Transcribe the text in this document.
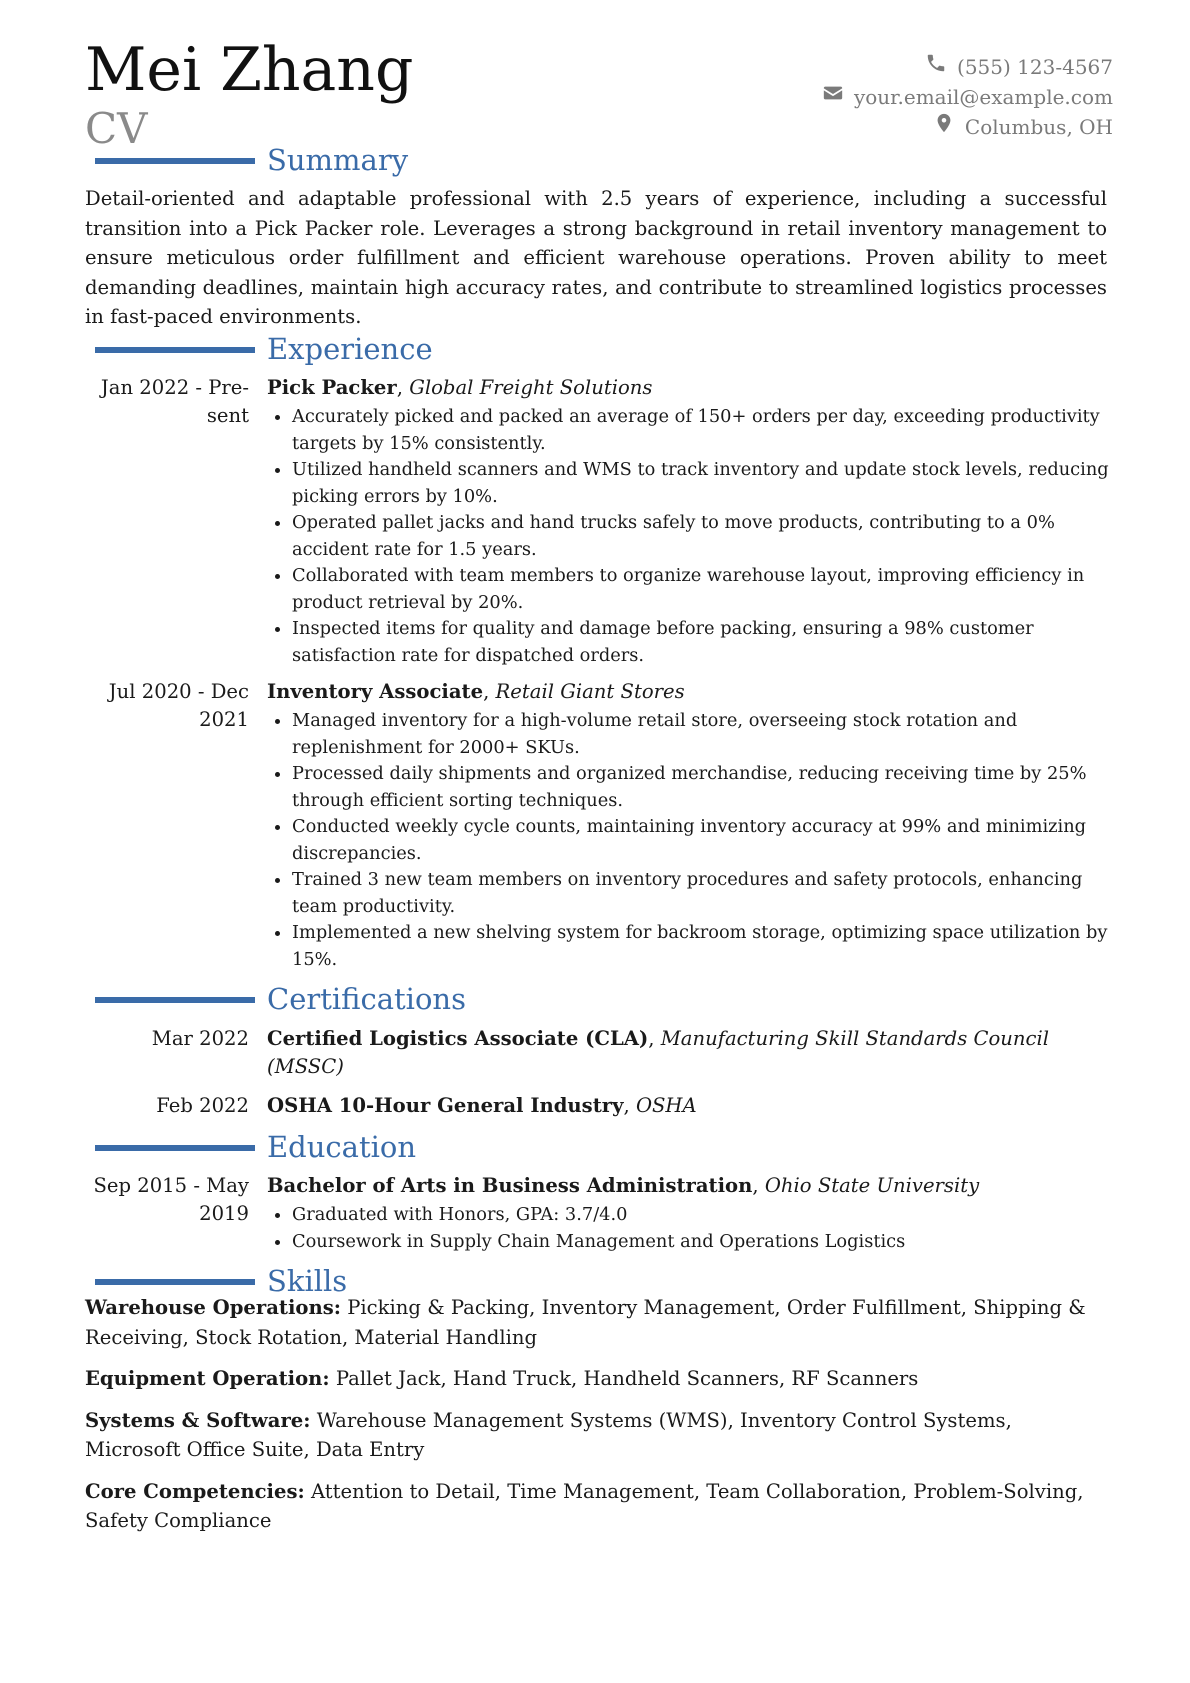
Mei Zhang
CV
(555) 123-4567
your.email@example.com
Columbus, OH
Summary
Detail-oriented and adaptable professional with 2.5 years of experience, including a successful transition into a Pick Packer role. Leverages a strong background in retail inventory management to ensure meticulous order fulfillment and efficient warehouse operations. Proven ability to meet demanding deadlines, maintain high accuracy rates, and contribute to streamlined logistics processes in fast-paced environments.
Experience
Jan 2022 - Pre-
sent
Pick Packer, Global Freight Solutions
• Accurately picked and packed an average of 150+ orders per day, exceeding productivity targets by 15% consistently.
• Utilized handheld scanners and WMS to track inventory and update stock levels, reducing picking errors by 10%.
• Operated pallet jacks and hand trucks safely to move products, contributing to a 0% accident rate for 1.5 years.
• Collaborated with team members to organize warehouse layout, improving efficiency in product retrieval by 20%.
• Inspected items for quality and damage before packing, ensuring a 98% customer satisfaction rate for dispatched orders.
Jul 2020 - Dec
2021
Inventory Associate, Retail Giant Stores
• Managed inventory for a high-volume retail store, overseeing stock rotation and replenishment for 2000+ SKUs.
• Processed daily shipments and organized merchandise, reducing receiving time by 25% through efficient sorting techniques.
• Conducted weekly cycle counts, maintaining inventory accuracy at 99% and minimizing discrepancies.
• Trained 3 new team members on inventory procedures and safety protocols, enhancing team productivity.
• Implemented a new shelving system for backroom storage, optimizing space utilization by 15%.
Certifications
Mar 2022 Certified Logistics Associate (CLA), Manufacturing Skill Standards Council (MSSC)
Feb 2022 OSHA 10-Hour General Industry, OSHA
Education
Sep 2015 - May
2019
Bachelor of Arts in Business Administration, Ohio State University
• Graduated with Honors, GPA: 3.7/4.0
• Coursework in Supply Chain Management and Operations Logistics
Skills
Warehouse Operations: Picking & Packing, Inventory Management, Order Fulfillment, Shipping & Receiving, Stock Rotation, Material Handling
Equipment Operation: Pallet Jack, Hand Truck, Handheld Scanners, RF Scanners
Systems & Software: Warehouse Management Systems (WMS), Inventory Control Systems, Microsoft Office Suite, Data Entry
Core Competencies: Attention to Detail, Time Management, Team Collaboration, Problem-Solving, Safety Compliance
